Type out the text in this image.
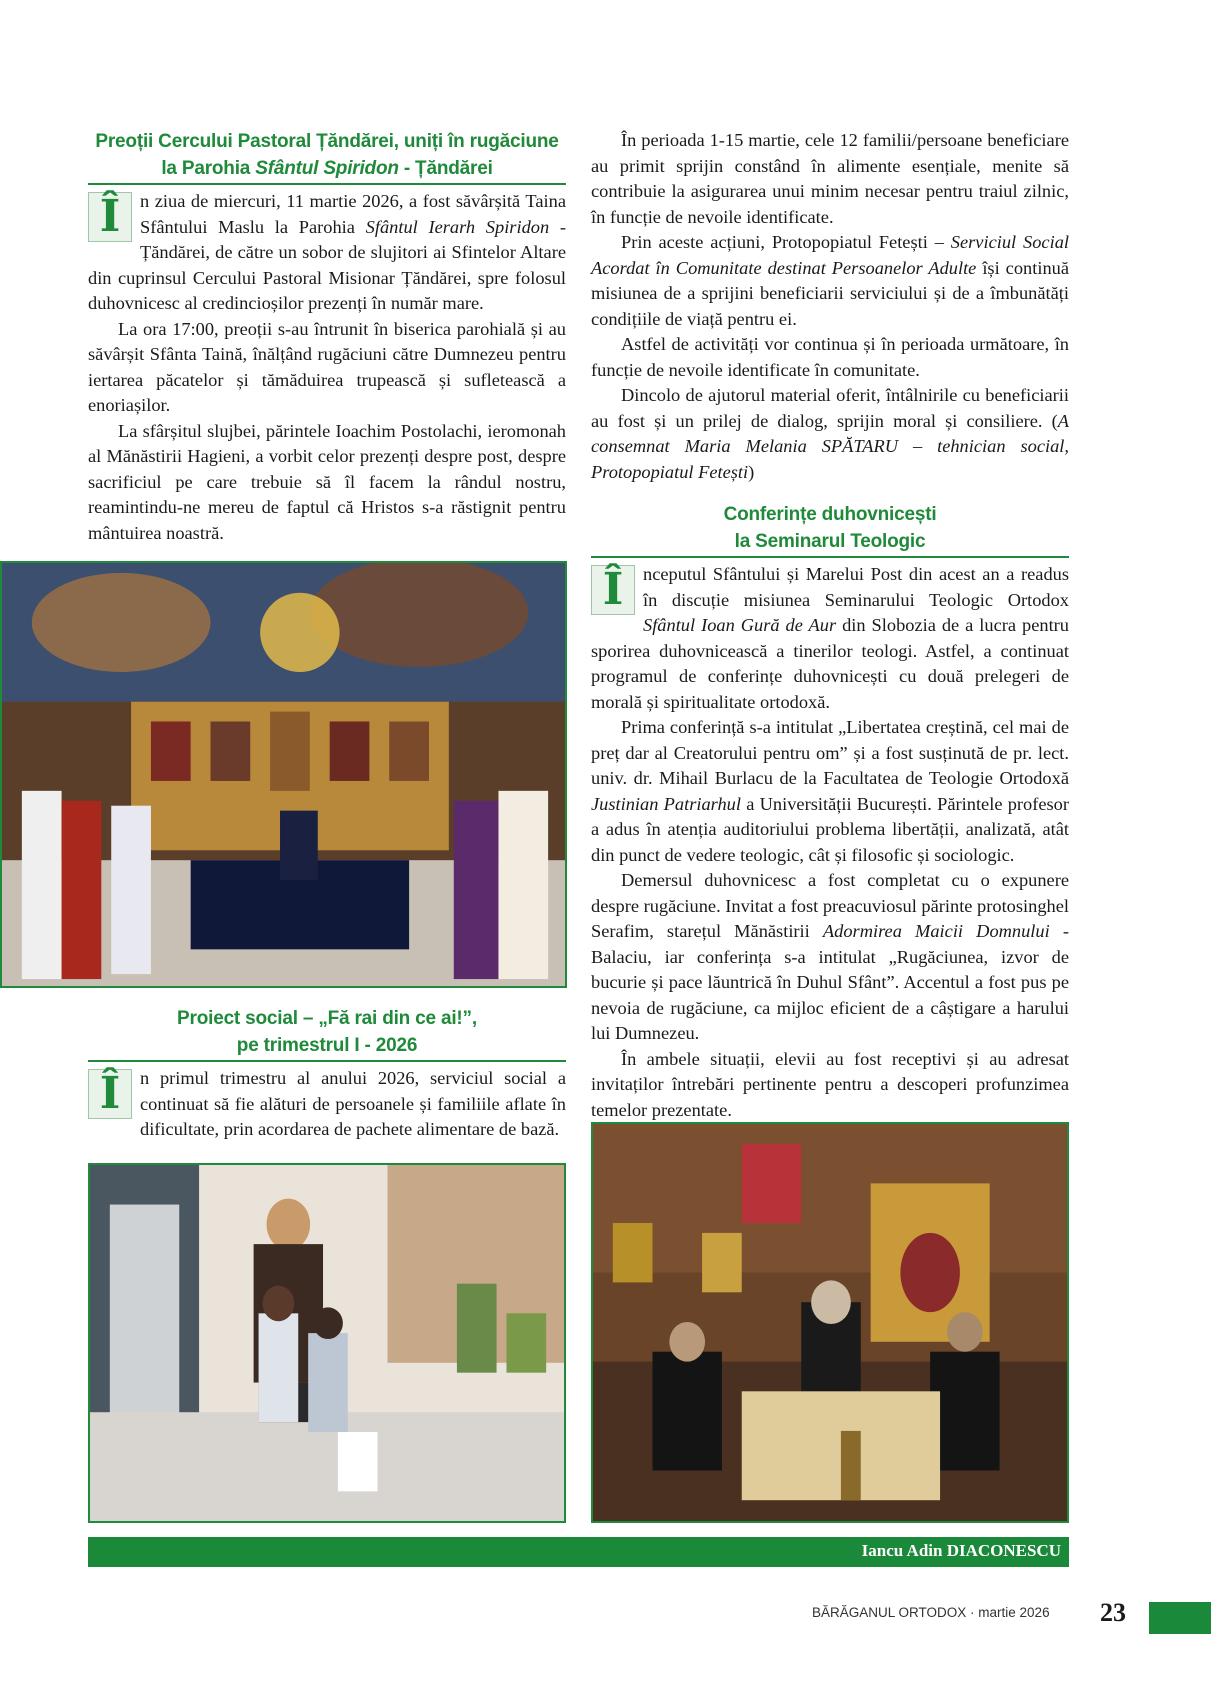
Preoții Cercului Pastoral Țăndărei, uniți în rugăciune
la Parohia Sfântul Spiridon - Țăndărei

Î	n ziua de miercuri, 11 martie 2026, a fost săvârșită Taina Sfântului Maslu la Parohia Sfântul Ierarh Spiridon - Țăndărei, de către un sobor de slujitori ai Sfintelor Altare din cuprinsul Cercului Pastoral Misionar Țăndărei, spre folosul duhovnicesc al credincioșilor prezenți în număr mare.

La ora 17:00, preoții s-au întrunit în biserica parohială și au săvârșit Sfânta Taină, înălțând rugăciuni către Dumnezeu pentru iertarea păcatelor și tămăduirea trupească și sufletească a enoriașilor.

La sfârșitul slujbei, părintele Ioachim Postolachi, ieromonah al Mănăstirii Hagieni, a vorbit celor prezenți despre post, despre sacrificiul pe care trebuie să îl facem la rândul nostru, reamintindu-ne mereu de faptul că Hristos s-a răstignit pentru mântuirea noastră.

Proiect social – „Fă rai din ce ai!”,
pe trimestrul I - 2026

Î	n primul trimestru al anului 2026, serviciul social a continuat să fie alături de persoanele și familiile aflate în dificultate, prin acordarea de pachete alimentare de bază.

În perioada 1-15 martie, cele 12 familii/persoane beneficiare au primit sprijin constând în alimente esențiale, menite să contribuie la asigurarea unui minim necesar pentru traiul zilnic, în funcție de nevoile identificate.

Prin aceste acțiuni, Protopopiatul Fetești – Serviciul Social Acordat în Comunitate destinat Persoanelor Adulte își continuă misiunea de a sprijini beneficiarii serviciului și de a îmbunătăți condițiile de viață pentru ei.

Astfel de activități vor continua și în perioada următoare, în funcție de nevoile identificate în comunitate.

Dincolo de ajutorul material oferit, întâlnirile cu beneficiarii au fost și un prilej de dialog, sprijin moral și consiliere. (A consemnat Maria Melania SPĂTARU – tehnician social, Protopopiatul Fetești)

Conferințe duhovnicești
la Seminarul Teologic

Î	nceputul Sfântului și Marelui Post din acest an a readus în discuție misiunea Seminarului Teologic Ortodox Sfântul Ioan Gură de Aur din Slobozia de a lucra pentru sporirea duhovnicească a tinerilor teologi. Astfel, a continuat programul de conferințe duhovnicești cu două prelegeri de morală și spiritualitate ortodoxă.

Prima conferință s-a intitulat „Libertatea creștină, cel mai de preț dar al Creatorului pentru om” și a fost susținută de pr. lect. univ. dr. Mihail Burlacu de la Facultatea de Teologie Ortodoxă Justinian Patriarhul a Universității București. Părintele profesor a adus în atenția auditoriului problema libertății, analizată, atât din punct de vedere teologic, cât și filosofic și sociologic.

Demersul duhovnicesc a fost completat cu o expunere despre rugăciune. Invitat a fost preacuviosul părinte protosinghel Serafim, starețul Mănăstirii Adormirea Maicii Domnului - Balaciu, iar conferința s-a intitulat „Rugăciunea, izvor de bucurie și pace lăuntrică în Duhul Sfânt”. Accentul a fost pus pe nevoia de rugăciune, ca mijloc eficient de a câștigare a harului lui Dumnezeu.

În ambele situații, elevii au fost receptivi și au adresat invitaților întrebări pertinente pentru a descoperi profunzimea temelor prezentate.

Iancu Adin DIACONESCU
BĂRĂGANUL ORTODOX · martie 2026 23
